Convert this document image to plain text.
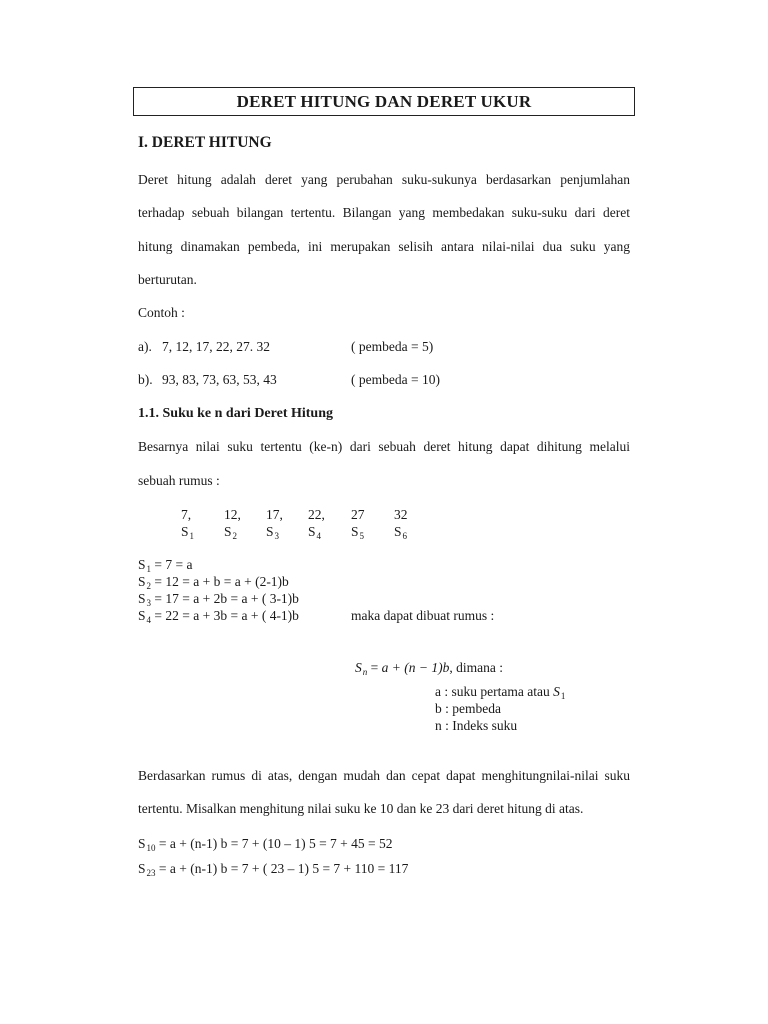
DERET HITUNG DAN DERET UKUR
I. DERET HITUNG
Deret hitung adalah deret yang perubahan suku-sukunya berdasarkan penjumlahan
terhadap sebuah bilangan tertentu. Bilangan yang membedakan suku-suku dari deret
hitung dinamakan pembeda, ini merupakan selisih antara nilai-nilai dua suku yang
berturutan.
Contoh :
a). 7, 12, 17, 22, 27. 32	( pembeda = 5)
b). 93, 83, 73, 63, 53, 43	( pembeda = 10)
1.1. Suku ke n dari Deret Hitung
Besarnya nilai suku tertentu (ke-n) dari sebuah deret hitung dapat dihitung melalui
sebuah rumus :
7, 12, 17, 22, 27 32
$S_1$ $S_2$ $S_3$ $S_4$ $S_5$ $S_6$
$S_1 = 7 = a$
$S_2 = 12 = a + b = a + (2-1)b$
$S_3 = 17 = a + 2b = a$ + ( 3-1)b
$S_4 = 22 = a + 3b = a$ + ( 4-1)b	maka dapat dibuat rumus :
$S_n = a + (n - 1)b$, dimana :
a : suku pertama atau $S_1$
b : pembeda
n : Indeks suku
Berdasarkan rumus di atas, dengan mudah dan cepat dapat menghitungnilai-nilai suku
tertentu. Misalkan menghitung nilai suku ke 10 dan ke 23 dari deret hitung di atas.
$S_{10} = a + (n-1) b = 7 + (10 - 1) 5 = 7 + 45 = 52$
$S_{23} = a + (n-1) b = 7$ + ( 23 – 1) 5 = 7 + 110 = 117
